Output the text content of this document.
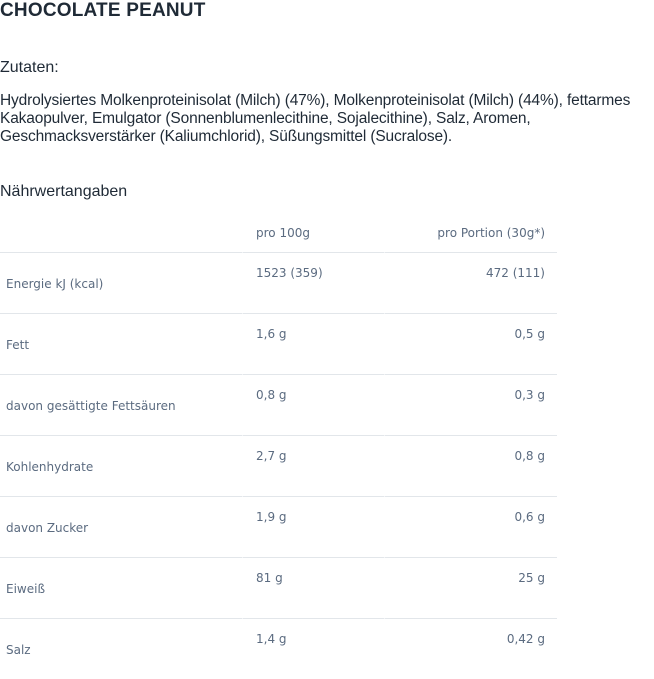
CHOCOLATE PEANUT
Zutaten:
Hydrolysiertes Molkenproteinisolat (Milch) (47%), Molkenproteinisolat (Milch) (44%), fettarmes Kakaopulver, Emulgator (Sonnenblumenlecithine, Sojalecithine), Salz, Aromen, Geschmacksverstärker (Kaliumchlorid), Süßungsmittel (Sucralose).
Nährwertangaben

	pro 100g	pro Portion (30g*)

Energie kJ (kcal)	1523 (359)	472 (111)

Fett	1,6 g	0,5 g

davon gesättigte Fettsäuren	0,8 g	0,3 g

Kohlenhydrate	2,7 g	0,8 g

davon Zucker	1,9 g	0,6 g

Eiweiß	81 g	25 g

Salz	1,4 g	0,42 g
